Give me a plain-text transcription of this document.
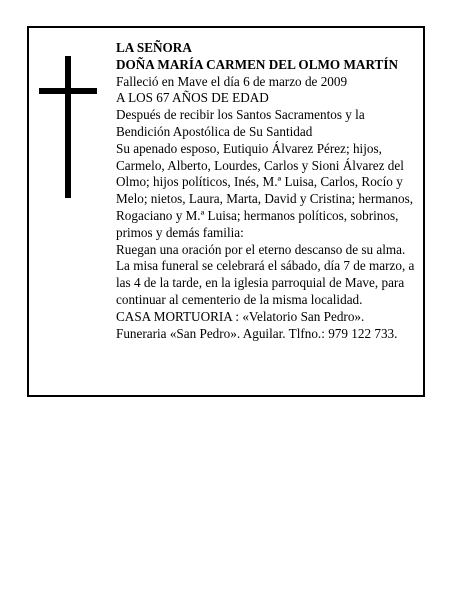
LA SEÑORA

DOÑA MARÍA CARMEN DEL OLMO MARTÍN

Falleció en Mave el día 6 de marzo de 2009

A LOS 67 AÑOS DE EDAD

Después de recibir los Santos Sacramentos y la Bendición Apostólica de Su Santidad

Su apenado esposo, Eutiquio Álvarez Pérez; hijos, Carmelo, Alberto, Lourdes, Carlos y Sioni Álvarez del Olmo; hijos políticos, Inés, M.ª Luisa, Carlos, Rocío y Melo; nietos, Laura, Marta, David y Cristina; hermanos, Rogaciano y M.ª Luisa; hermanos políticos, sobrinos, primos y demás familia:

Ruegan una oración por el eterno descanso de su alma.

La misa funeral se celebrará el sábado, día 7 de marzo, a las 4 de la tarde, en la iglesia parroquial de Mave, para continuar al cementerio de la misma localidad.

CASA MORTUORIA : «Velatorio San Pedro».

Funeraria «San Pedro». Aguilar. Tlfno.: 979 122 733.
